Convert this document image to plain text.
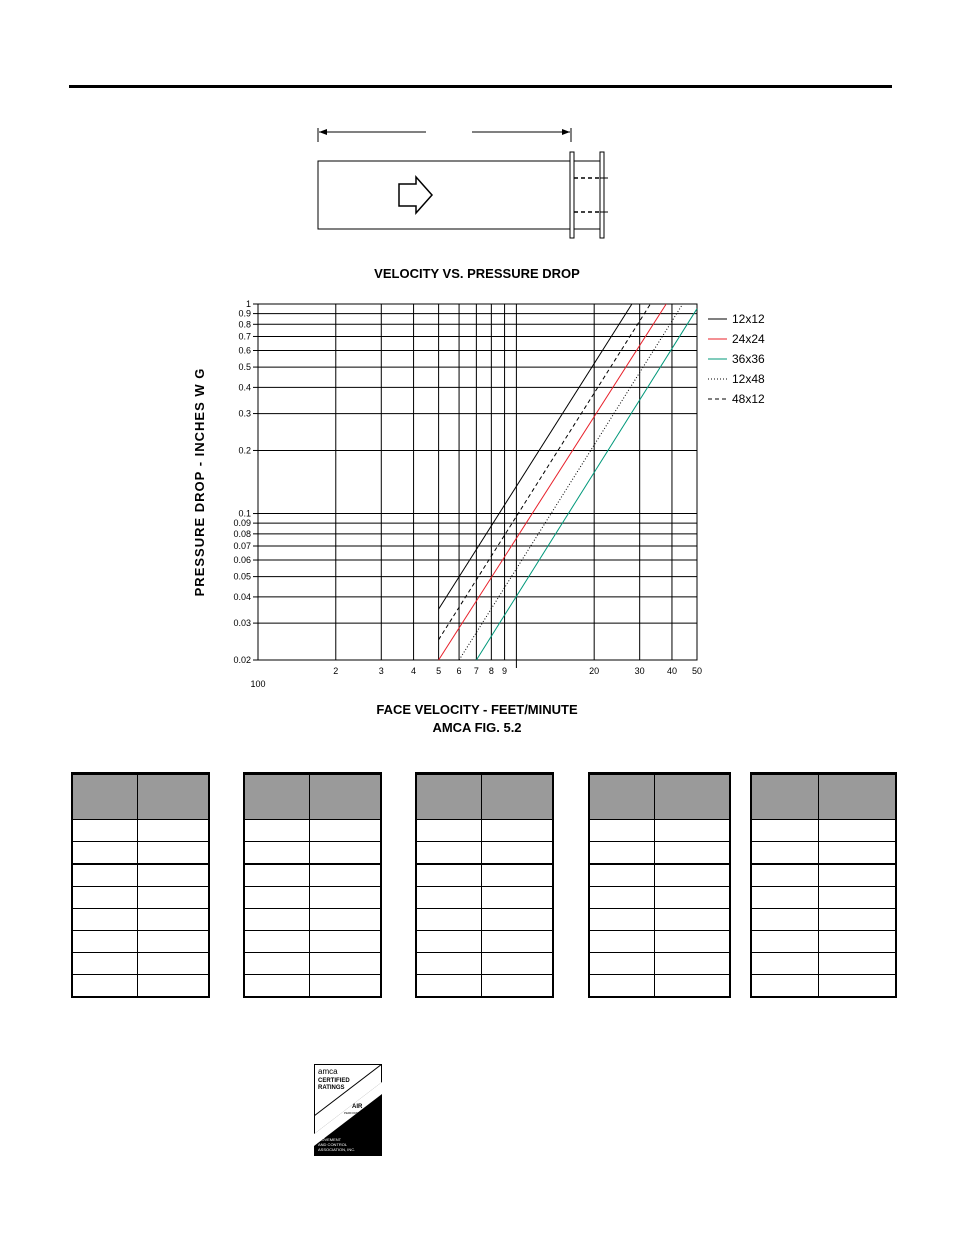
VELOCITY VS. PRESSURE DROP
0.02
0.03
0.04
0.05
0.06
0.07
0.08
0.09
0.1
0.2
0.3
0.4
0.5
0.6
0.7
0.8
0.9
1
100
2	3	4 5 6 7 8 9	20	30 40 50
PRESSURE DROP - INCHES W G
12x12
24x24
36x36
12x48
48x12
FACE VELOCITY - FEET/MINUTE
AMCA FIG. 5.2

amca
CERTIFIED
RATINGS
AIR
PERFORMANCE
AIR
MOVEMENT
AND CONTROL
ASSOCIATION, INC.
